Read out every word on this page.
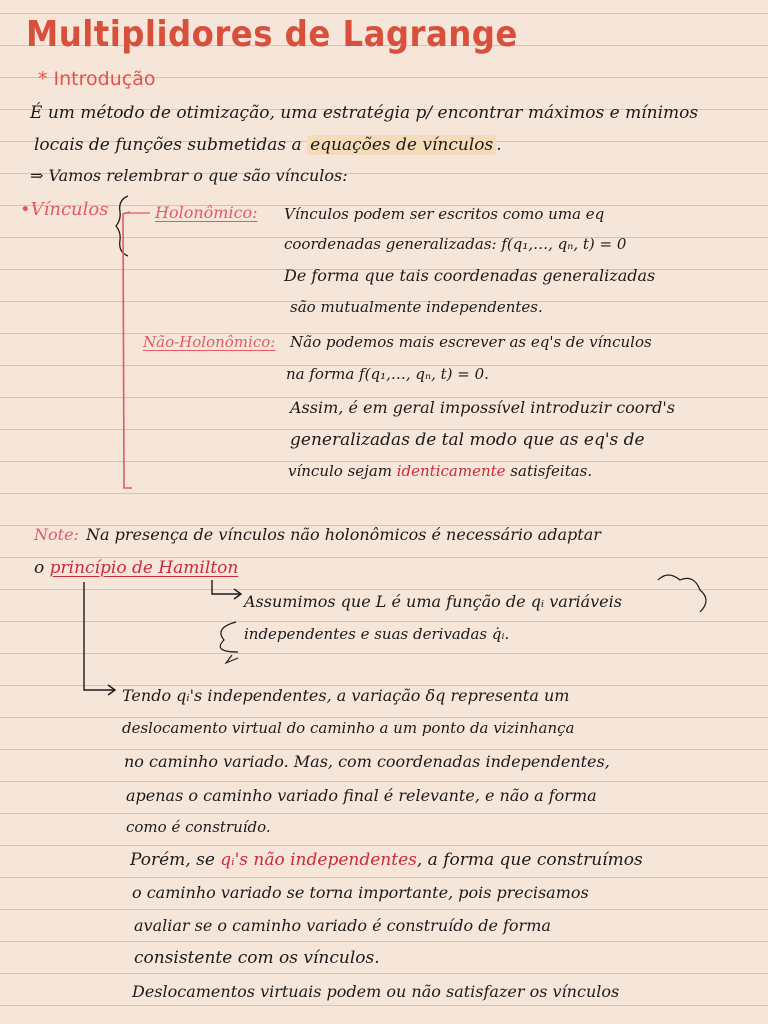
Multiplidores de Lagrange
* Introdução

É um método de otimização, uma estratégia p/ encontrar máximos e mínimos

locais de funções submetidas a equações de vínculos .

⇒ Vamos relembrar o que são vínculos:

•Vínculos	Holonômico: Vínculos podem ser escritos como uma eq

coordenadas generalizadas: f(q₁,…, qₙ, t) = 0

De forma que tais coordenadas generalizadas

são mutualmente independentes.

Não-Holonômico: Não podemos mais escrever as eq's de vínculos

na forma f(q₁,…, qₙ, t) = 0.

Assim, é em geral impossível introduzir coord's

generalizadas de tal modo que as eq's de

vínculo sejam identicamente satisfeitas.

Note: Na presença de vínculos não holonômicos é necessário adaptar

o princípio de Hamilton

Assumimos que L é uma função de qᵢ variáveis

independentes e suas derivadas q̇ᵢ.

Tendo qᵢ's independentes, a variação δq representa um

deslocamento virtual do caminho a um ponto da vizinhança

no caminho variado. Mas, com coordenadas independentes,

apenas o caminho variado final é relevante, e não a forma

como é construído.

Porém, se qᵢ's não independentes, a forma que construímos

o caminho variado se torna importante, pois precisamos

avaliar se o caminho variado é construído de forma

consistente com os vínculos.

Deslocamentos virtuais podem ou não satisfazer os vínculos
